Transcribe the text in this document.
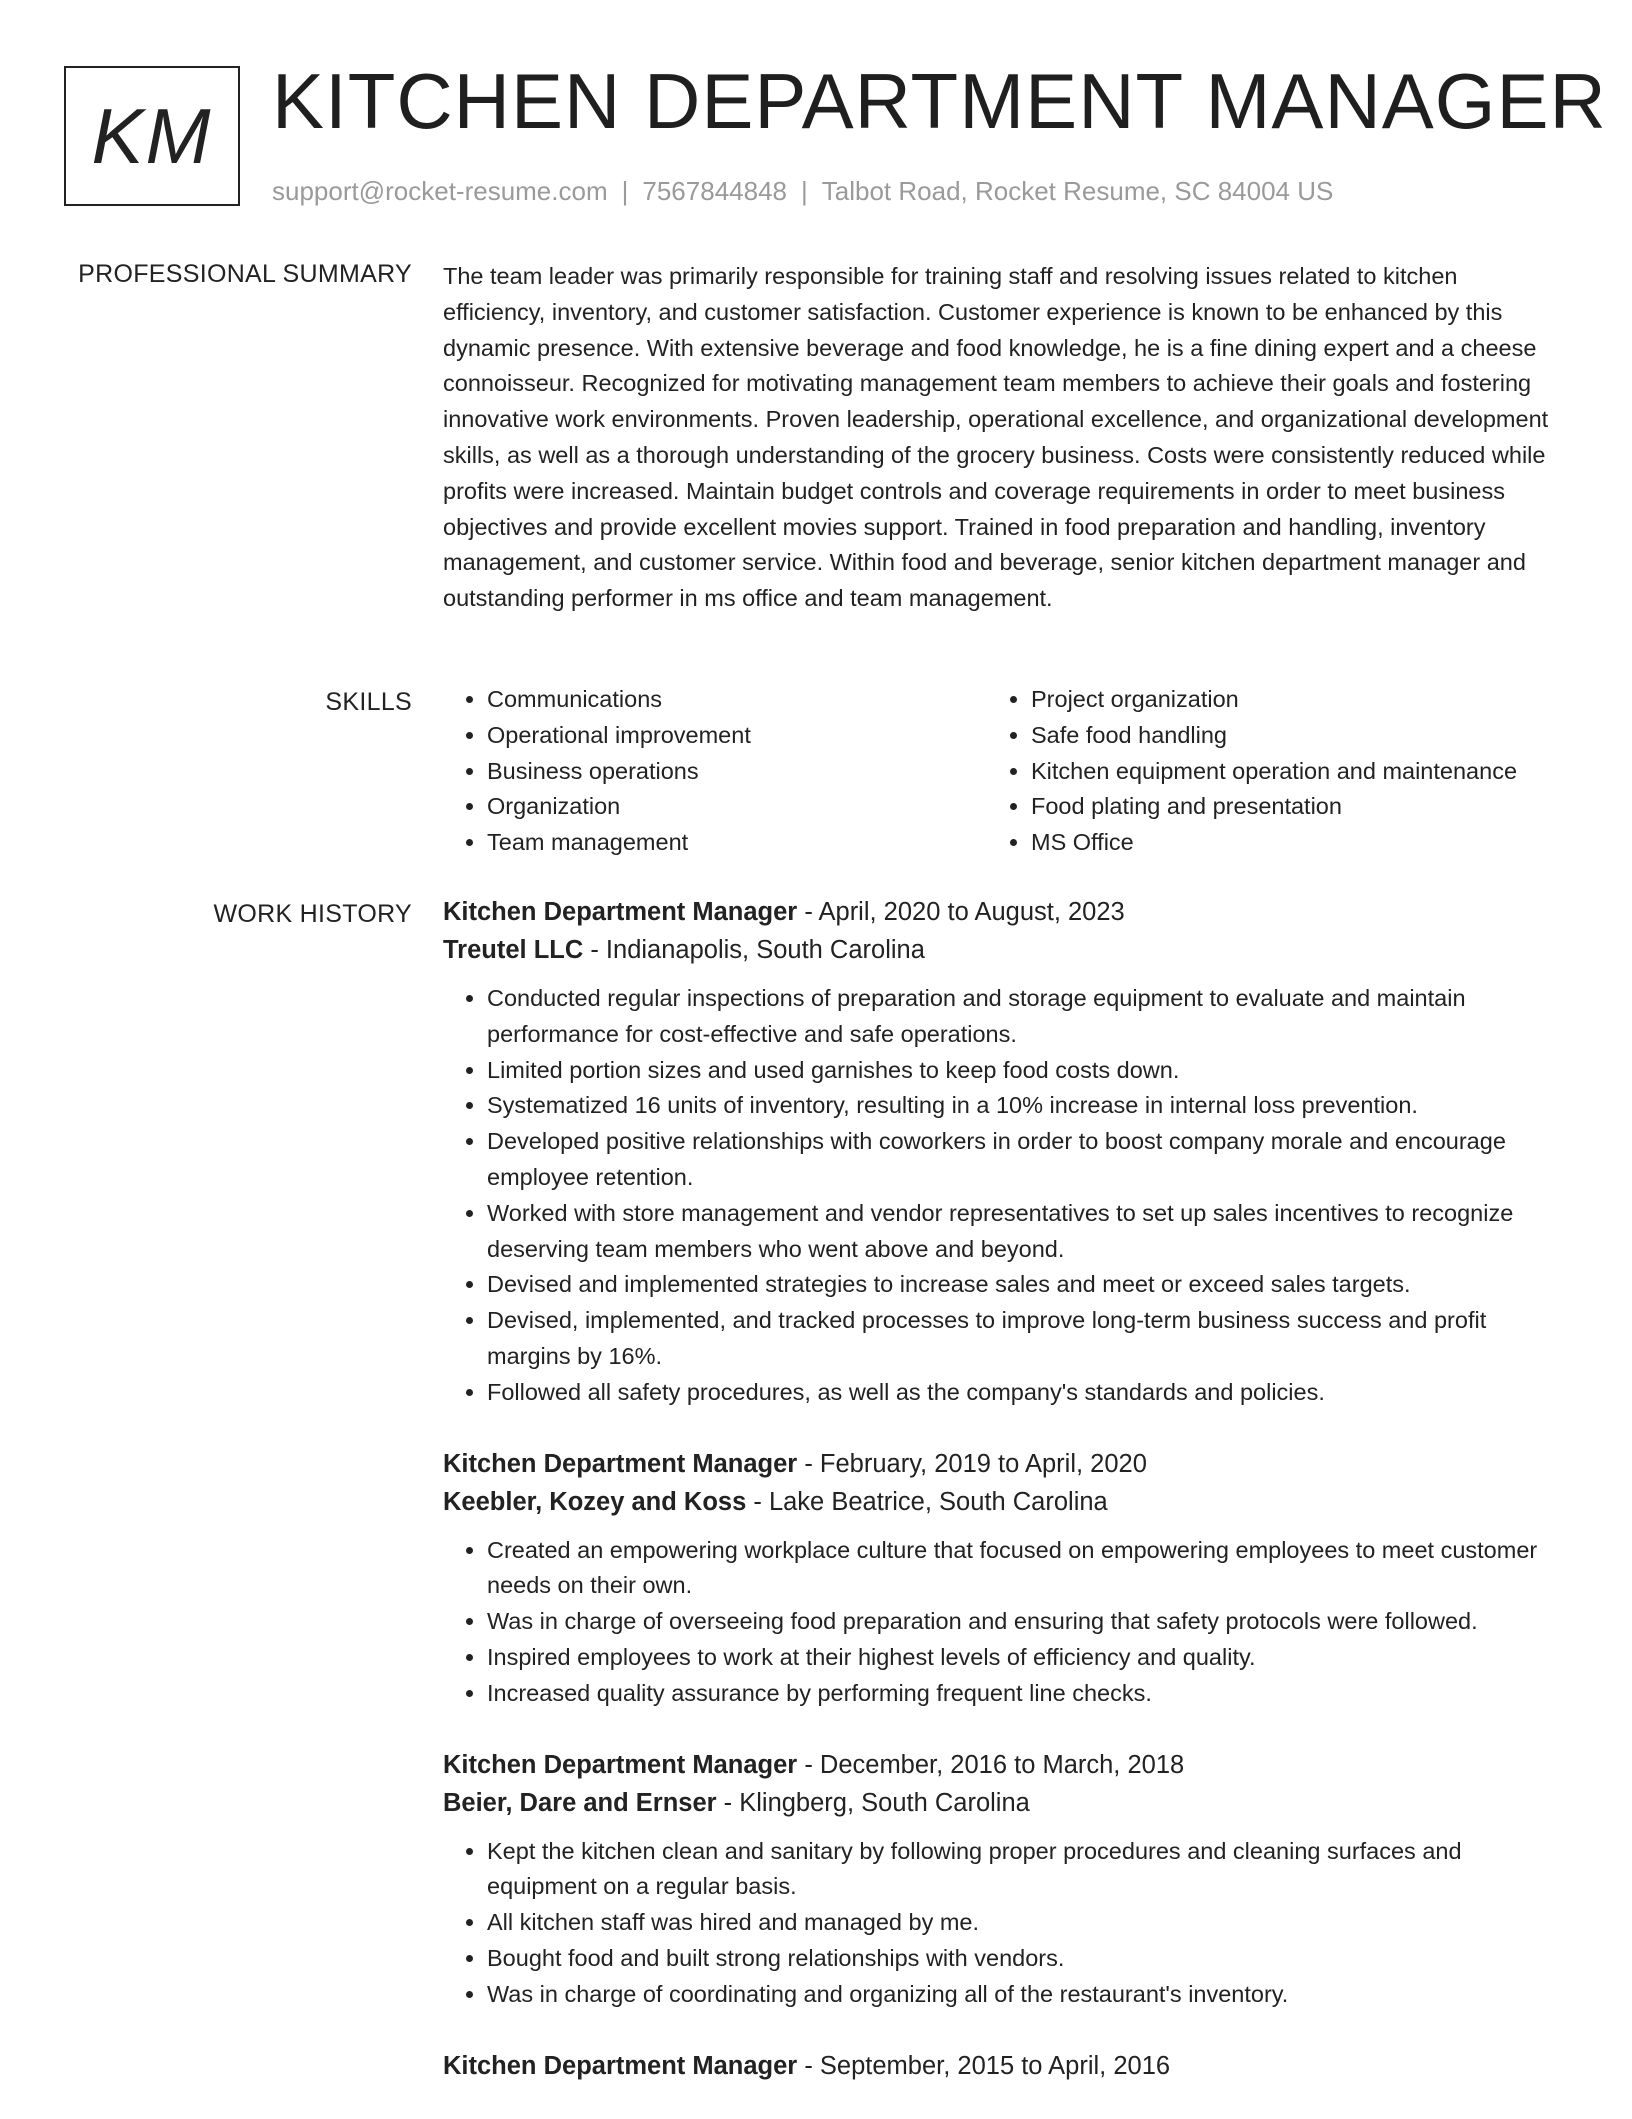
KM KITCHEN DEPARTMENT MANAGER
support@rocket-resume.com | 7567844848 | Talbot Road, Rocket Resume, SC 84004 US
PROFESSIONAL SUMMARY The team leader was primarily responsible for training staff and resolving issues related to kitchen efficiency, inventory, and customer satisfaction. Customer experience is known to be enhanced by this dynamic presence. With extensive beverage and food knowledge, he is a fine dining expert and a cheese connoisseur. Recognized for motivating management team members to achieve their goals and fostering innovative work environments. Proven leadership, operational excellence, and organizational development skills, as well as a thorough understanding of the grocery business. Costs were consistently reduced while profits were increased. Maintain budget controls and coverage requirements in order to meet business objectives and provide excellent movies support. Trained in food preparation and handling, inventory management, and customer service. Within food and beverage, senior kitchen department manager and outstanding performer in ms office and team management.

SKILLS
•	Communications
• Operational improvement
• Business operations
• Organization
• Team management
• Project organization
• Safe food handling
• Kitchen equipment operation and maintenance
• Food plating and presentation
• MS Office
WORK HISTORY Kitchen Department Manager - April, 2020 to August, 2023
Treutel LLC - Indianapolis, South Carolina
• Conducted regular inspections of preparation and storage equipment to evaluate and maintain performance for cost-effective and safe operations.
• Limited portion sizes and used garnishes to keep food costs down.
• Systematized 16 units of inventory, resulting in a 10% increase in internal loss prevention.
• Developed positive relationships with coworkers in order to boost company morale and encourage employee retention.
• Worked with store management and vendor representatives to set up sales incentives to recognize deserving team members who went above and beyond.
• Devised and implemented strategies to increase sales and meet or exceed sales targets.
• Devised, implemented, and tracked processes to improve long-term business success and profit margins by 16%.
• Followed all safety procedures, as well as the company's standards and policies.
Kitchen Department Manager - February, 2019 to April, 2020
Keebler, Kozey and Koss - Lake Beatrice, South Carolina
• Created an empowering workplace culture that focused on empowering employees to meet customer needs on their own.
• Was in charge of overseeing food preparation and ensuring that safety protocols were followed.
• Inspired employees to work at their highest levels of efficiency and quality.
• Increased quality assurance by performing frequent line checks.
Kitchen Department Manager - December, 2016 to March, 2018
Beier, Dare and Ernser - Klingberg, South Carolina
• Kept the kitchen clean and sanitary by following proper procedures and cleaning surfaces and equipment on a regular basis.
• All kitchen staff was hired and managed by me.
• Bought food and built strong relationships with vendors.
• Was in charge of coordinating and organizing all of the restaurant's inventory.
Kitchen Department Manager - September, 2015 to April, 2016
